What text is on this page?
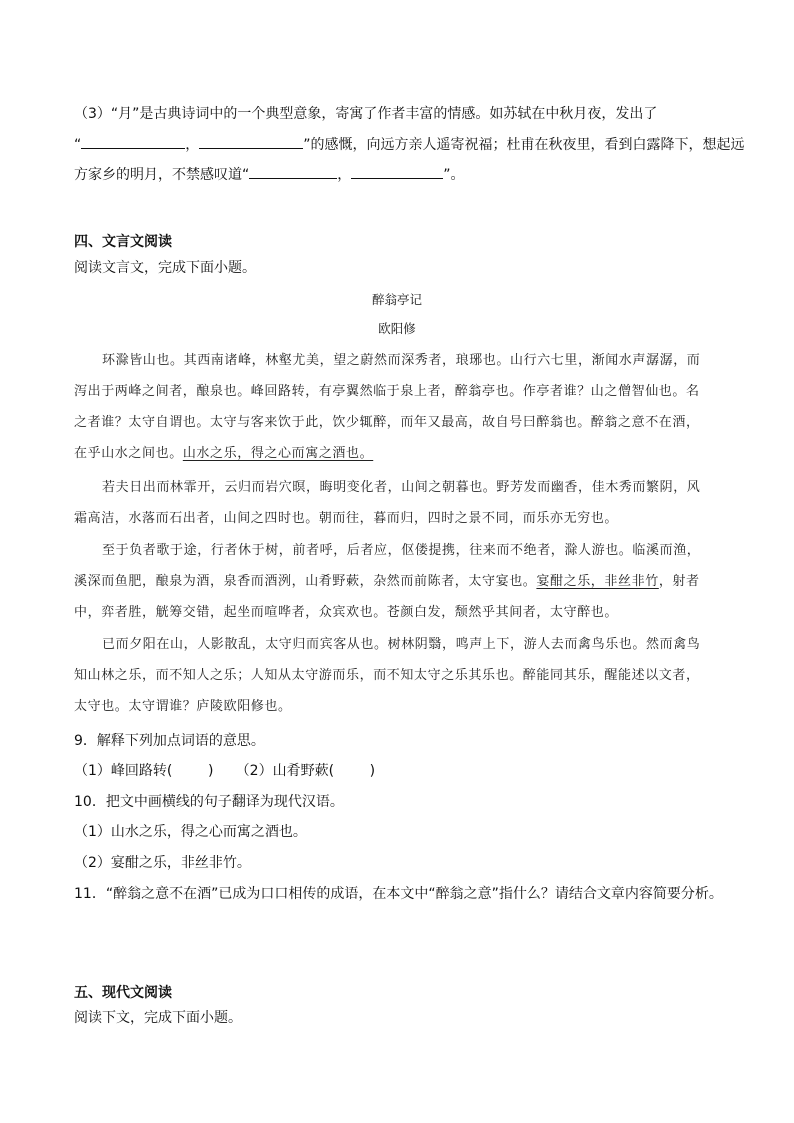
（3）“月”是古典诗词中的一个典型意象，寄寓了作者丰富的情感。如苏轼在中秋月夜，发出了
“	，	”的感慨，向远方亲人遥寄祝福；杜甫在秋夜里，看到白露降下，想起远
方家乡的明月，不禁感叹道“	，	”。
四、文言文阅读
阅读文言文，完成下面小题。
醉翁亭记
欧阳修
环滁皆山也。其西南诸峰，林壑尤美，望之蔚然而深秀者，琅琊也。山行六七里，渐闻水声潺潺，而
泻出于两峰之间者，酿泉也。峰回路转，有亭翼然临于泉上者，醉翁亭也。作亭者谁？山之僧智仙也。名
之者谁？太守自谓也。太守与客来饮于此，饮少辄醉，而年又最高，故自号曰醉翁也。醉翁之意不在酒，
在乎山水之间也。山水之乐，得之心而寓之酒也。
若夫日出而林霏开，云归而岩穴暝，晦明变化者，山间之朝暮也。野芳发而幽香，佳木秀而繁阴，风
霜高洁，水落而石出者，山间之四时也。朝而往，暮而归，四时之景不同，而乐亦无穷也。
至于负者歌于途，行者休于树，前者呼，后者应，伛偻提携，往来而不绝者，滁人游也。临溪而渔，
溪深而鱼肥，酿泉为酒，泉香而酒洌，山肴野蔌，杂然而前陈者，太守宴也。宴酣之乐，非丝非竹，射者
中，弈者胜，觥筹交错，起坐而喧哗者，众宾欢也。苍颜白发，颓然乎其间者，太守醉也。
已而夕阳在山，人影散乱，太守归而宾客从也。树林阴翳，鸣声上下，游人去而禽鸟乐也。然而禽鸟
知山林之乐，而不知人之乐；人知从太守游而乐，而不知太守之乐其乐也。醉能同其乐，醒能述以文者，
太守也。太守谓谁？庐陵欧阳修也。
9．解释下列加点词语的意思。
（1）峰回路转(        )     （2）山肴野蔌(        )
10．把文中画横线的句子翻译为现代汉语。
（1）山水之乐，得之心而寓之酒也。
（2）宴酣之乐，非丝非竹。
11．“醉翁之意不在酒”已成为口口相传的成语，在本文中“醉翁之意”指什么？请结合文章内容简要分析。
五、现代文阅读
阅读下文，完成下面小题。
